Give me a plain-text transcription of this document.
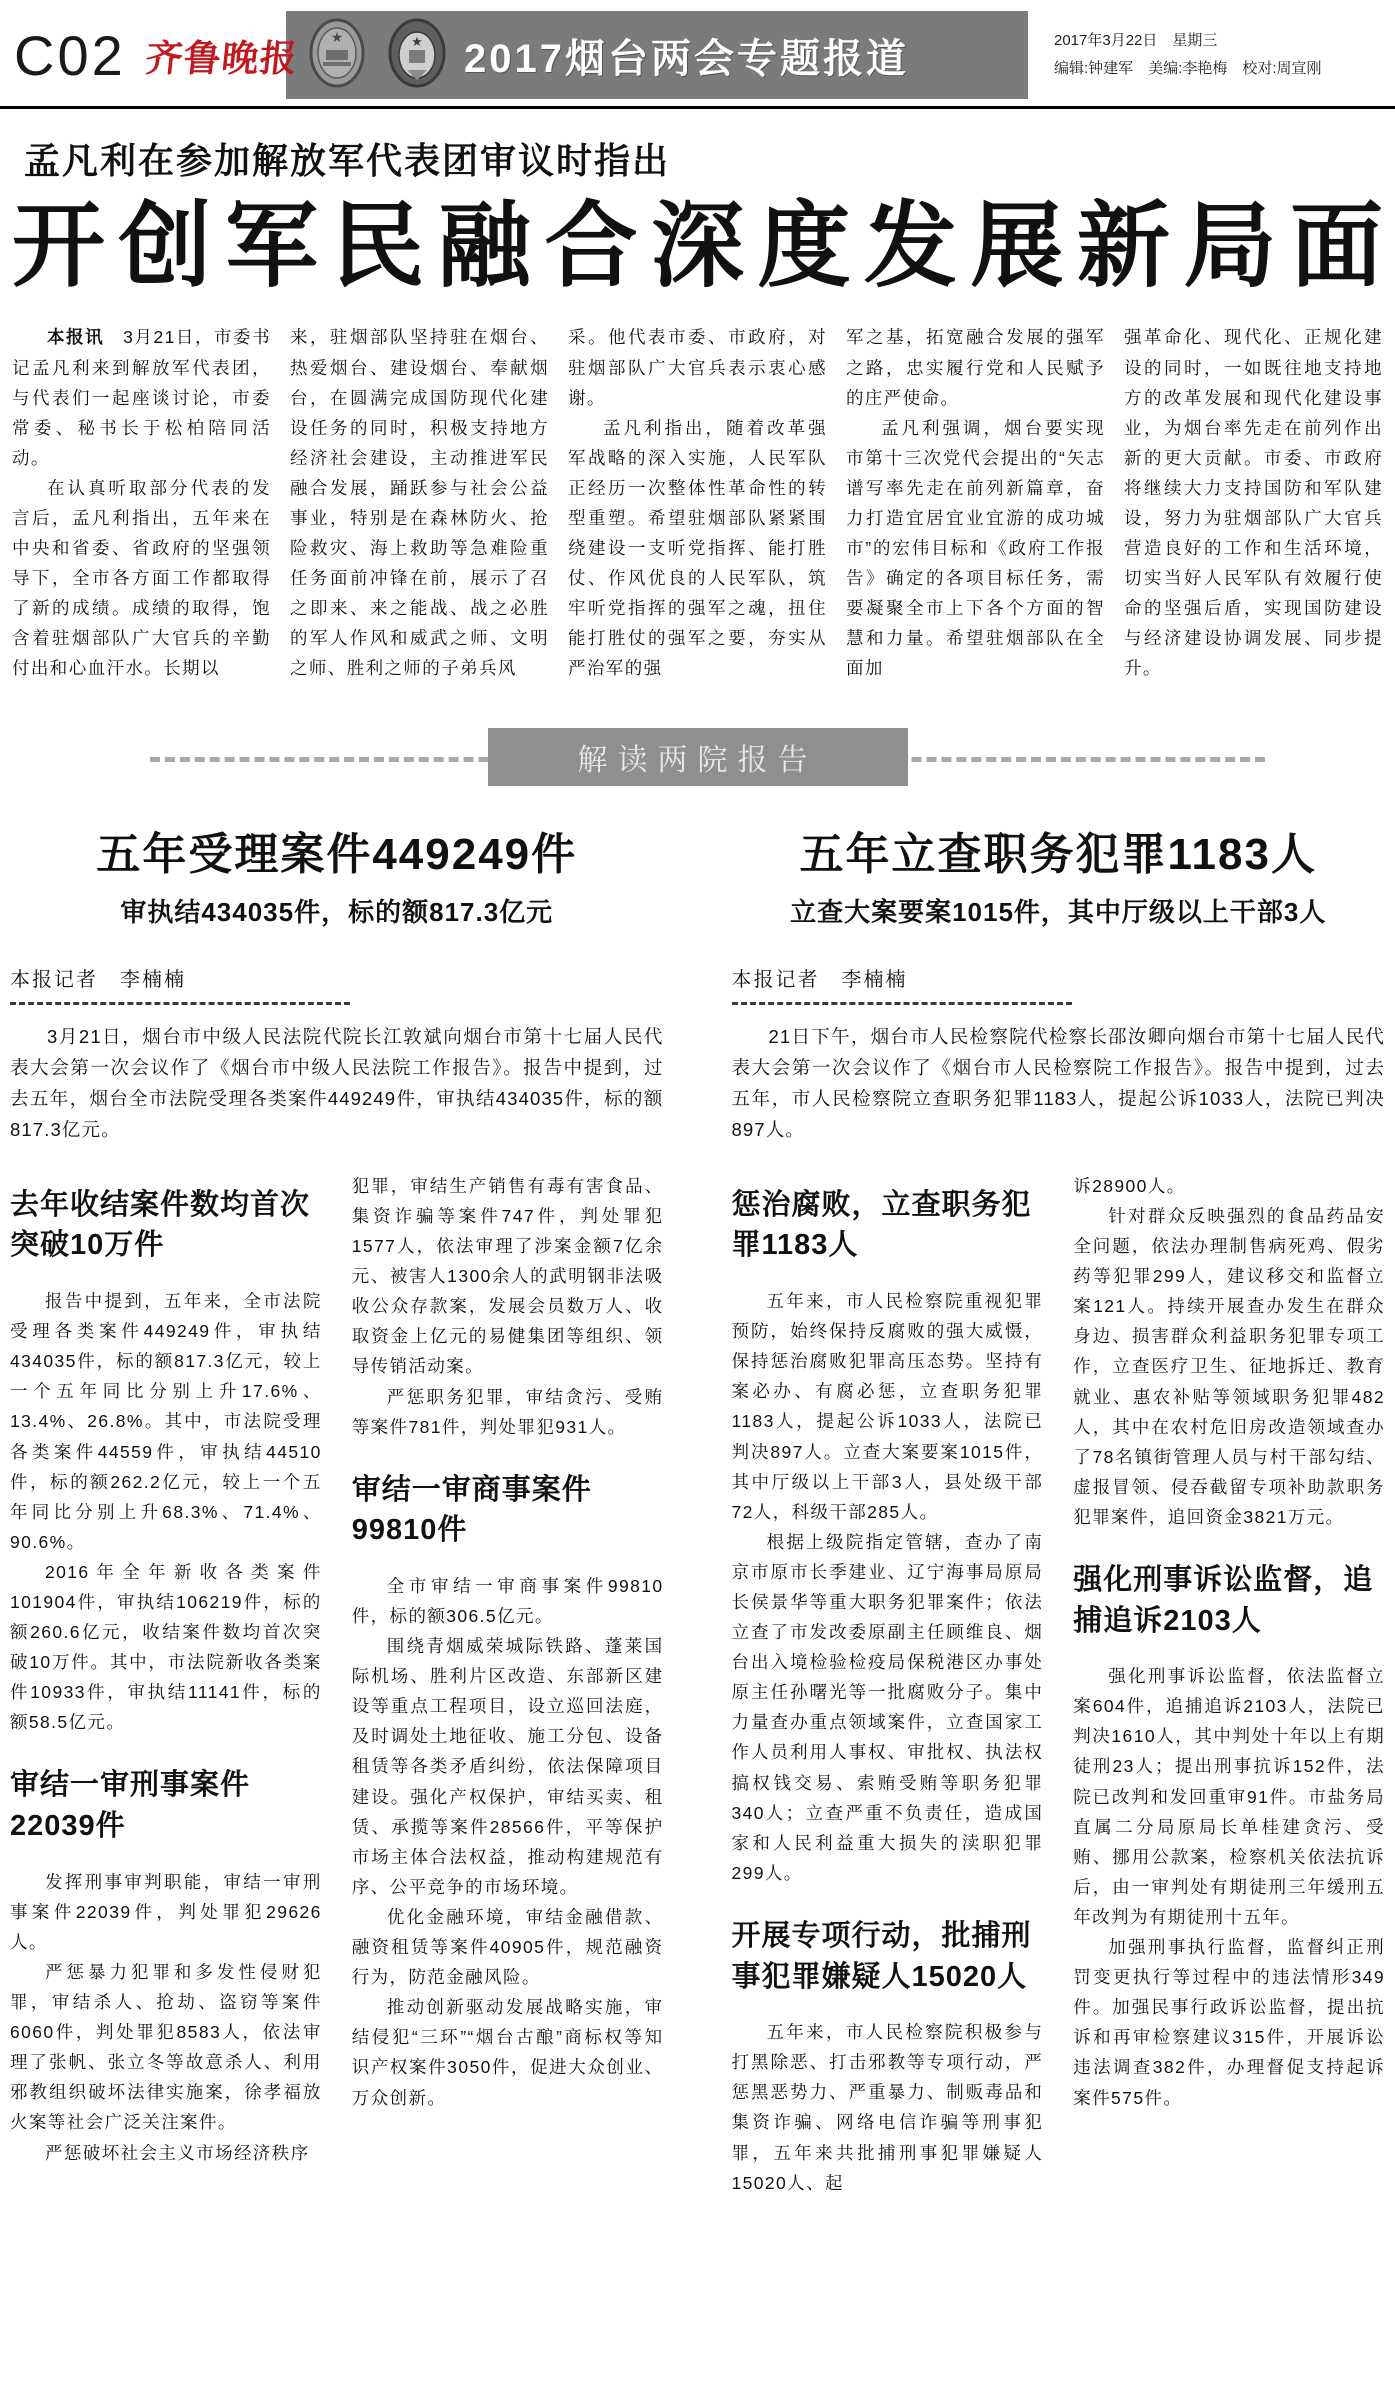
C02 齐鲁晚报
★	★ 2017烟台两会专题报道	2017年3月22日　星期三
编辑:钟建军　美编:李艳梅　校对:周宣刚
孟凡利在参加解放军代表团审议时指出
开创军民融合深度发展新局面

本报讯　3月21日，市委书记孟凡利来到解放军代表团，与代表们一起座谈讨论，市委常委、秘书长于松柏陪同活动。

在认真听取部分代表的发言后，孟凡利指出，五年来在中央和省委、省政府的坚强领导下，全市各方面工作都取得了新的成绩。成绩的取得，饱含着驻烟部队广大官兵的辛勤付出和心血汗水。长期以

来，驻烟部队坚持驻在烟台、热爱烟台、建设烟台、奉献烟台，在圆满完成国防现代化建设任务的同时，积极支持地方经济社会建设，主动推进军民融合发展，踊跃参与社会公益事业，特别是在森林防火、抢险救灾、海上救助等急难险重任务面前冲锋在前，展示了召之即来、来之能战、战之必胜的军人作风和威武之师、文明之师、胜利之师的子弟兵风

采。他代表市委、市政府，对驻烟部队广大官兵表示衷心感谢。

孟凡利指出，随着改革强军战略的深入实施，人民军队正经历一次整体性革命性的转型重塑。希望驻烟部队紧紧围绕建设一支听党指挥、能打胜仗、作风优良的人民军队，筑牢听党指挥的强军之魂，扭住能打胜仗的强军之要，夯实从严治军的强

军之基，拓宽融合发展的强军之路，忠实履行党和人民赋予的庄严使命。

孟凡利强调，烟台要实现市第十三次党代会提出的“矢志谱写率先走在前列新篇章，奋力打造宜居宜业宜游的成功城市”的宏伟目标和《政府工作报告》确定的各项目标任务，需要凝聚全市上下各个方面的智慧和力量。希望驻烟部队在全面加

强革命化、现代化、正规化建设的同时，一如既往地支持地方的改革发展和现代化建设事业，为烟台率先走在前列作出新的更大贡献。市委、市政府将继续大力支持国防和军队建设，努力为驻烟部队广大官兵营造良好的工作和生活环境，切实当好人民军队有效履行使命的坚强后盾，实现国防建设与经济建设协调发展、同步提升。

解读两院报告
五年受理案件449249件
审执结434035件，标的额817.3亿元
本报记者　李楠楠

3月21日，烟台市中级人民法院代院长江敦斌向烟台市第十七届人民代表大会第一次会议作了《烟台市中级人民法院工作报告》。报告中提到，过去五年，烟台全市法院受理各类案件449249件，审执结434035件，标的额817.3亿元。

去年收结案件数均首次突破10万件

报告中提到，五年来，全市法院受理各类案件449249件，审执结434035件，标的额817.3亿元，较上一个五年同比分别上升17.6%、13.4%、26.8%。其中，市法院受理各类案件44559件，审执结44510件，标的额262.2亿元，较上一个五年同比分别上升68.3%、71.4%、90.6%。

2016年全年新收各类案件101904件，审执结106219件，标的额260.6亿元，收结案件数均首次突破10万件。其中，市法院新收各类案件10933件，审执结11141件，标的额58.5亿元。

审结一审刑事案件22039件

发挥刑事审判职能，审结一审刑事案件22039件，判处罪犯29626人。

严惩暴力犯罪和多发性侵财犯罪，审结杀人、抢劫、盗窃等案件6060件，判处罪犯8583人，依法审理了张帆、张立冬等故意杀人、利用邪教组织破坏法律实施案，徐孝福放火案等社会广泛关注案件。

严惩破坏社会主义市场经济秩序

犯罪，审结生产销售有毒有害食品、集资诈骗等案件747件，判处罪犯1577人，依法审理了涉案金额7亿余元、被害人1300余人的武明钢非法吸收公众存款案，发展会员数万人、收取资金上亿元的易健集团等组织、领导传销活动案。

严惩职务犯罪，审结贪污、受贿等案件781件，判处罪犯931人。

审结一审商事案件99810件

全市审结一审商事案件99810件，标的额306.5亿元。

围绕青烟威荣城际铁路、蓬莱国际机场、胜利片区改造、东部新区建设等重点工程项目，设立巡回法庭，及时调处土地征收、施工分包、设备租赁等各类矛盾纠纷，依法保障项目建设。强化产权保护，审结买卖、租赁、承揽等案件28566件，平等保护市场主体合法权益，推动构建规范有序、公平竞争的市场环境。

优化金融环境，审结金融借款、融资租赁等案件40905件，规范融资行为，防范金融风险。

推动创新驱动发展战略实施，审结侵犯“三环”“烟台古酿”商标权等知识产权案件3050件，促进大众创业、万众创新。

五年立查职务犯罪1183人
立查大案要案1015件，其中厅级以上干部3人
本报记者　李楠楠

21日下午，烟台市人民检察院代检察长邵汝卿向烟台市第十七届人民代表大会第一次会议作了《烟台市人民检察院工作报告》。报告中提到，过去五年，市人民检察院立查职务犯罪1183人，提起公诉1033人，法院已判决897人。

惩治腐败，立查职务犯罪1183人

五年来，市人民检察院重视犯罪预防，始终保持反腐败的强大威慑，保持惩治腐败犯罪高压态势。坚持有案必办、有腐必惩，立查职务犯罪1183人，提起公诉1033人，法院已判决897人。立查大案要案1015件，其中厅级以上干部3人，县处级干部72人，科级干部285人。

根据上级院指定管辖，查办了南京市原市长季建业、辽宁海事局原局长侯景华等重大职务犯罪案件；依法立查了市发改委原副主任顾维良、烟台出入境检验检疫局保税港区办事处原主任孙曙光等一批腐败分子。集中力量查办重点领域案件，立查国家工作人员利用人事权、审批权、执法权搞权钱交易、索贿受贿等职务犯罪340人；立查严重不负责任，造成国家和人民利益重大损失的渎职犯罪299人。

开展专项行动，批捕刑事犯罪嫌疑人15020人

五年来，市人民检察院积极参与打黑除恶、打击邪教等专项行动，严惩黑恶势力、严重暴力、制贩毒品和集资诈骗、网络电信诈骗等刑事犯罪，五年来共批捕刑事犯罪嫌疑人15020人、起

诉28900人。

针对群众反映强烈的食品药品安全问题，依法办理制售病死鸡、假劣药等犯罪299人，建议移交和监督立案121人。持续开展查办发生在群众身边、损害群众利益职务犯罪专项工作，立查医疗卫生、征地拆迁、教育就业、惠农补贴等领域职务犯罪482人，其中在农村危旧房改造领域查办了78名镇街管理人员与村干部勾结、虚报冒领、侵吞截留专项补助款职务犯罪案件，追回资金3821万元。

强化刑事诉讼监督，追捕追诉2103人

强化刑事诉讼监督，依法监督立案604件，追捕追诉2103人，法院已判决1610人，其中判处十年以上有期徒刑23人；提出刑事抗诉152件，法院已改判和发回重审91件。市盐务局直属二分局原局长单桂建贪污、受贿、挪用公款案，检察机关依法抗诉后，由一审判处有期徒刑三年缓刑五年改判为有期徒刑十五年。

加强刑事执行监督，监督纠正刑罚变更执行等过程中的违法情形349件。加强民事行政诉讼监督，提出抗诉和再审检察建议315件，开展诉讼违法调查382件，办理督促支持起诉案件575件。
